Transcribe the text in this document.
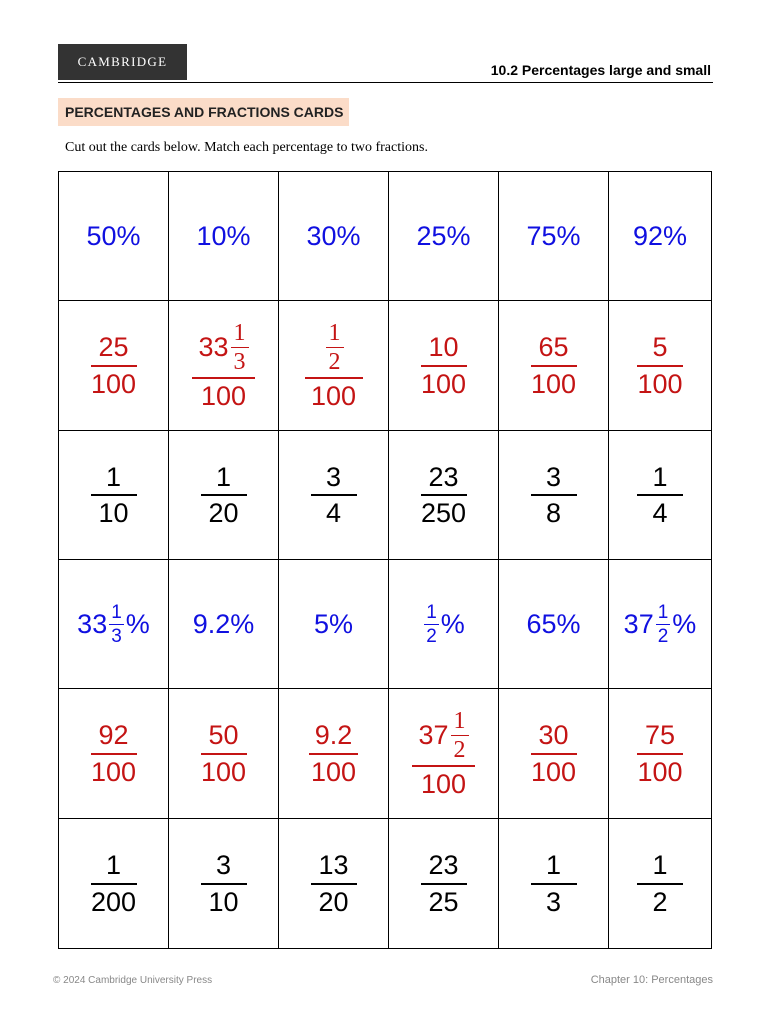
CAMBRIDGE
10.2 Percentages large and small
PERCENTAGES AND FRACTIONS CARDS
Cut out the cards below. Match each percentage to two fractions.
50%	10%	30%	25%	75%	92%

$\frac{25}{100}$	$\frac{33 \frac{1}{3}}{100}$	$\frac{\frac{1}{2}}{100}$	$\frac{10}{100}$	$\frac{65}{100}$	$\frac{5}{100}$

$\frac{1}{10}$	$\frac{1}{20}$	$\frac{3}{4}$	$\frac{23}{250}$	$\frac{3}{8}$	$\frac{1}{4}$

$33 \frac{1}{3}$ %	9.2%	5%	$\frac{1}{2}$ %	65%	$37 \frac{1}{2}$ %

$\frac{92}{100}$	$\frac{50}{100}$	$\frac{9.2}{100}$	$\frac{37 \frac{1}{2}}{100}$	$\frac{30}{100}$	$\frac{75}{100}$

$\frac{1}{200}$	$\frac{3}{10}$	$\frac{13}{20}$	$\frac{23}{25}$	$\frac{1}{3}$	$\frac{1}{2}$
© 2024 Cambridge University Press	Chapter 10: Percentages
